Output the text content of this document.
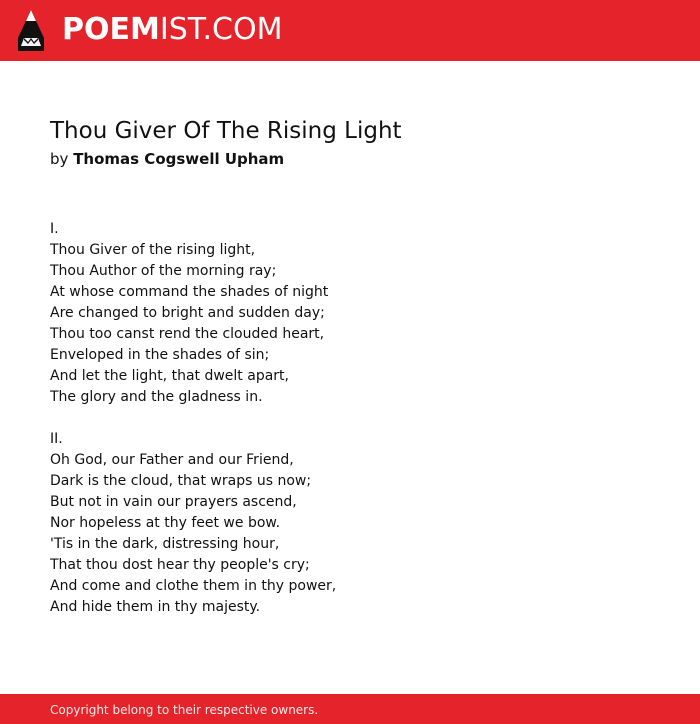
POEMIST.COM
Thou Giver Of The Rising Light
by Thomas Cogswell Upham
I.
Thou Giver of the rising light,
Thou Author of the morning ray;
At whose command the shades of night
Are changed to bright and sudden day;
Thou too canst rend the clouded heart,
Enveloped in the shades of sin;
And let the light, that dwelt apart,
The glory and the gladness in.
II.
Oh God, our Father and our Friend,
Dark is the cloud, that wraps us now;
But not in vain our prayers ascend,
Nor hopeless at thy feet we bow.
'Tis in the dark, distressing hour,
That thou dost hear thy people's cry;
And come and clothe them in thy power,
And hide them in thy majesty.
Copyright belong to their respective owners.
